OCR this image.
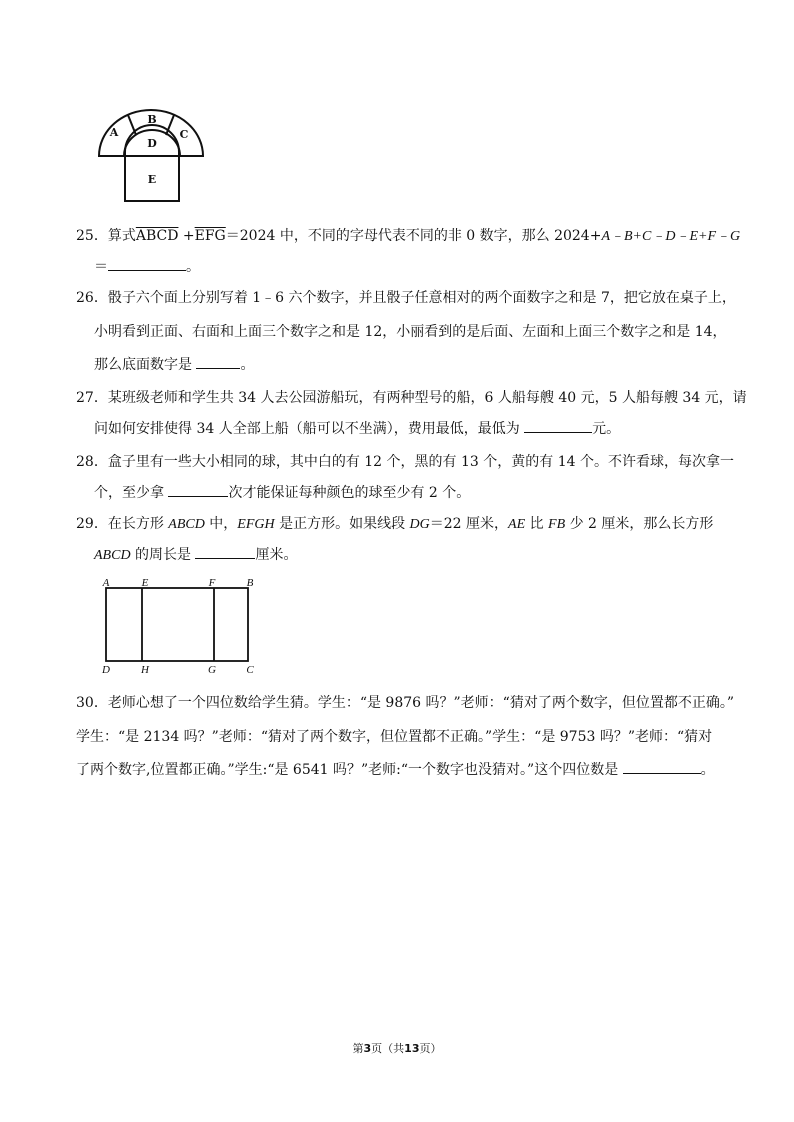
A
B
C
D
E
25．算式ABCD $+\overline{EFG}=2024$ 中，不同的字母代表不同的非 0 数字，那么 2024+A﹣B+C﹣D﹣E+F﹣G
＝	。
26．骰子六个面上分别写着 1﹣6 六个数字，并且骰子任意相对的两个面数字之和是 7，把它放在桌子上，
小明看到正面、右面和上面三个数字之和是 12，小丽看到的是后面、左面和上面三个数字之和是 14，
那么底面数字是	。
27．某班级老师和学生共 34 人去公园游船玩，有两种型号的船，6 人船每艘 40 元，5 人船每艘 34 元，请
问如何安排使得 34 人全部上船（船可以不坐满），费用最低，最低为	元。
28．盒子里有一些大小相同的球，其中白的有 12 个，黑的有 13 个，黄的有 14 个。不许看球，每次拿一
个，至少拿	次才能保证每种颜色的球至少有 2 个。
29．在长方形 ABCD 中，EFGH 是正方形。如果线段 DG＝22 厘米，AE 比 FB 少 2 厘米，那么长方形
ABCD 的周长是	厘米。
A	E	F	B
D	H	G	C
30．老师心想了一个四位数给学生猜。学生：“是 9876 吗？”老师：“猜对了两个数字，但位置都不正确。”
学生：“是 2134 吗？”老师：“猜对了两个数字，但位置都不正确。”学生：“是 9753 吗？”老师：“猜对
了两个数字,位置都正确。”学生:“是 6541 吗？”老师:“一个数字也没猜对。”这个四位数是	。
第3页（共13页）
